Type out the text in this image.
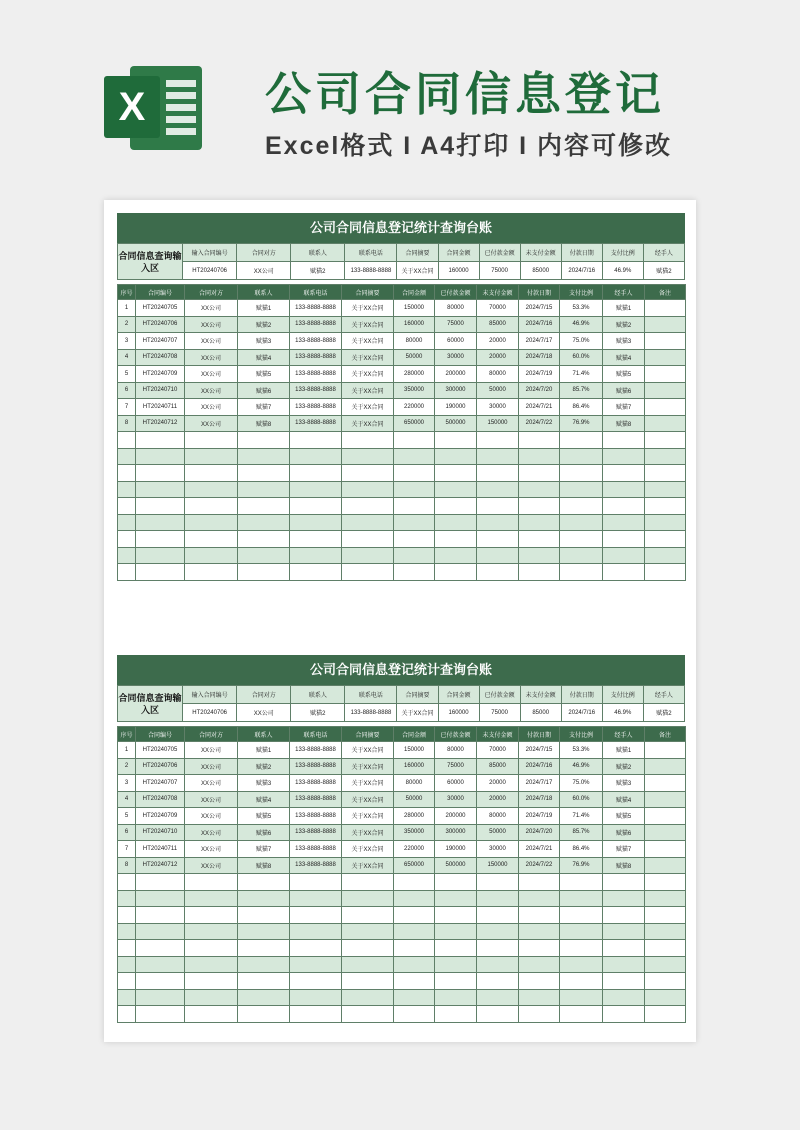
X	公司合同信息登记
Excel格式 I A4打印 I 内容可修改
公司合同信息登记统计查询台账
合同信息查询输入区	输入合同编号	合同对方	联系人	联系电话	合同摘要	合同金额	已付款金额	未支付金额	付款日期	支付比例	经手人
	HT20240706	XX公司	赋猫2	133-8888-8888	关于XX合同	160000	75000	85000	2024/7/16	46.9%	赋猫2
序号	合同编号	合同对方	联系人	联系电话	合同摘要	合同金额	已付款金额	未支付金额	付款日期	支付比例	经手人	备注
1	HT20240705	XX公司	赋猫1	133-8888-8888	关于XX合同	150000	80000	70000	2024/7/15	53.3%	赋猫1	
2	HT20240706	XX公司	赋猫2	133-8888-8888	关于XX合同	160000	75000	85000	2024/7/16	46.9%	赋猫2	
3	HT20240707	XX公司	赋猫3	133-8888-8888	关于XX合同	80000	60000	20000	2024/7/17	75.0%	赋猫3	
4	HT20240708	XX公司	赋猫4	133-8888-8888	关于XX合同	50000	30000	20000	2024/7/18	60.0%	赋猫4	
5	HT20240709	XX公司	赋猫5	133-8888-8888	关于XX合同	280000	200000	80000	2024/7/19	71.4%	赋猫5	
6	HT20240710	XX公司	赋猫6	133-8888-8888	关于XX合同	350000	300000	50000	2024/7/20	85.7%	赋猫6	
7	HT20240711	XX公司	赋猫7	133-8888-8888	关于XX合同	220000	190000	30000	2024/7/21	86.4%	赋猫7	
8	HT20240712	XX公司	赋猫8	133-8888-8888	关于XX合同	650000	500000	150000	2024/7/22	76.9%	赋猫8	

公司合同信息登记统计查询台账
合同信息查询输入区	输入合同编号	合同对方	联系人	联系电话	合同摘要	合同金额	已付款金额	未支付金额	付款日期	支付比例	经手人
	HT20240706	XX公司	赋猫2	133-8888-8888	关于XX合同	160000	75000	85000	2024/7/16	46.9%	赋猫2
序号	合同编号	合同对方	联系人	联系电话	合同摘要	合同金额	已付款金额	未支付金额	付款日期	支付比例	经手人	备注
1	HT20240705	XX公司	赋猫1	133-8888-8888	关于XX合同	150000	80000	70000	2024/7/15	53.3%	赋猫1	
2	HT20240706	XX公司	赋猫2	133-8888-8888	关于XX合同	160000	75000	85000	2024/7/16	46.9%	赋猫2	
3	HT20240707	XX公司	赋猫3	133-8888-8888	关于XX合同	80000	60000	20000	2024/7/17	75.0%	赋猫3	
4	HT20240708	XX公司	赋猫4	133-8888-8888	关于XX合同	50000	30000	20000	2024/7/18	60.0%	赋猫4	
5	HT20240709	XX公司	赋猫5	133-8888-8888	关于XX合同	280000	200000	80000	2024/7/19	71.4%	赋猫5	
6	HT20240710	XX公司	赋猫6	133-8888-8888	关于XX合同	350000	300000	50000	2024/7/20	85.7%	赋猫6	
7	HT20240711	XX公司	赋猫7	133-8888-8888	关于XX合同	220000	190000	30000	2024/7/21	86.4%	赋猫7	
8	HT20240712	XX公司	赋猫8	133-8888-8888	关于XX合同	650000	500000	150000	2024/7/22	76.9%	赋猫8	
